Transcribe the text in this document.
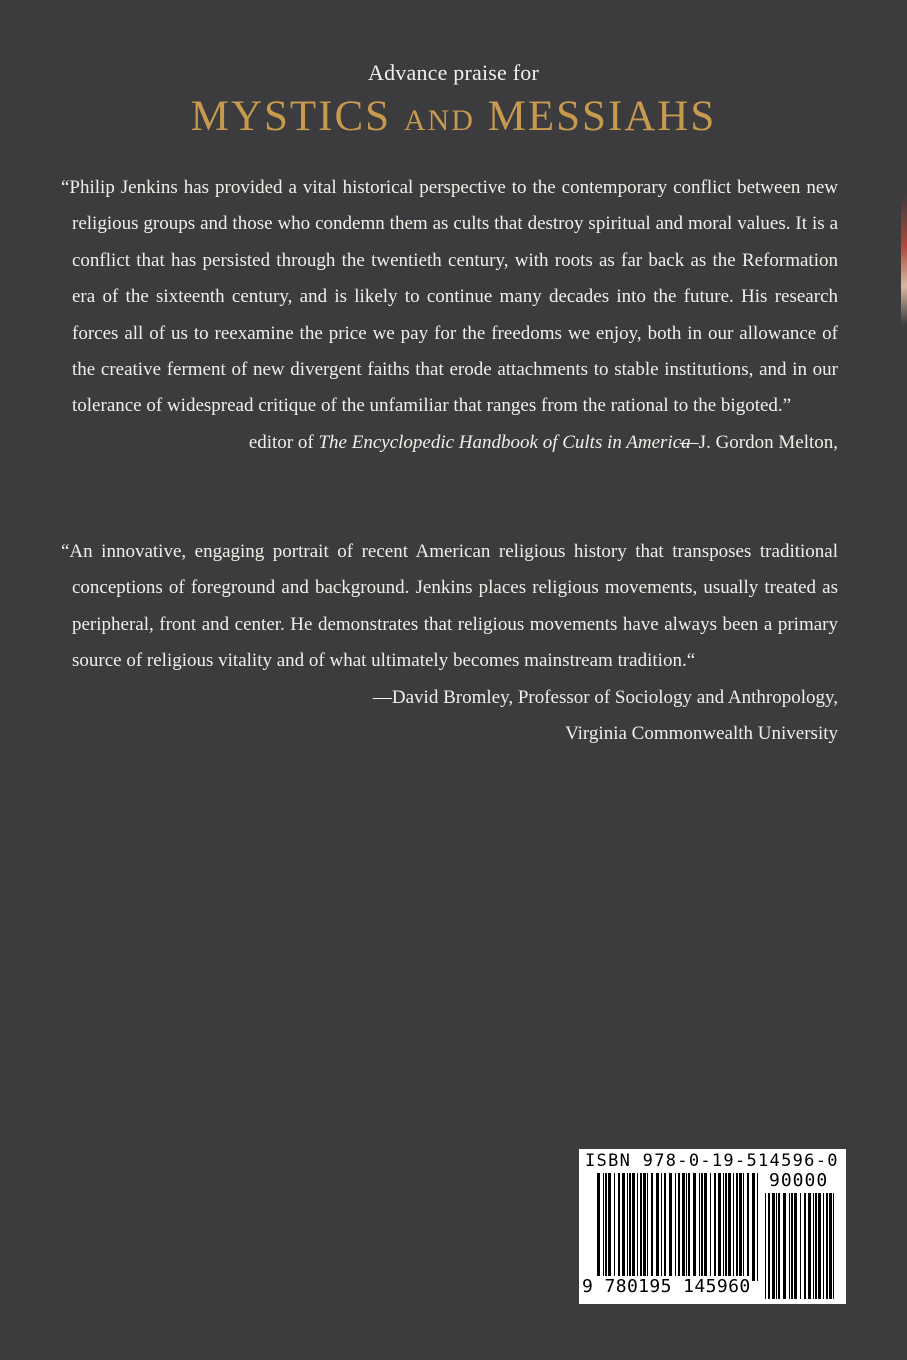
Advance praise for
MYSTICS and MESSIAHS

“Philip Jenkins has provided a vital historical perspective to the contemporary conflict between new religious groups and those who condemn them as cults that destroy spiritual and moral values. It is a conflict that has persisted through the twentieth century, with roots as far back as the Reformation era of the sixteenth century, and is likely to continue many decades into the future. His research forces all of us to reexamine the price we pay for the freedoms we enjoy, both in our allowance of the creative ferment of new divergent faiths that erode attachments to stable institutions, and in our tolerance of widespread critique of the unfamiliar that ranges from the rational to the bigoted.”
—J. Gordon Melton,

editor of The Encyclopedic Handbook of Cults in America

“An innovative, engaging portrait of recent American religious history that transposes traditional conceptions of foreground and background. Jenkins places religious movements, usually treated as peripheral, front and center. He demonstrates that religious movements have always been a primary source of religious vitality and of what ultimately becomes mainstream tradition.“

—David Bromley, Professor of Sociology and Anthropology,

Virginia Commonwealth University

ISBN 978-0-19-514596-0
90000
9 780195 145960
